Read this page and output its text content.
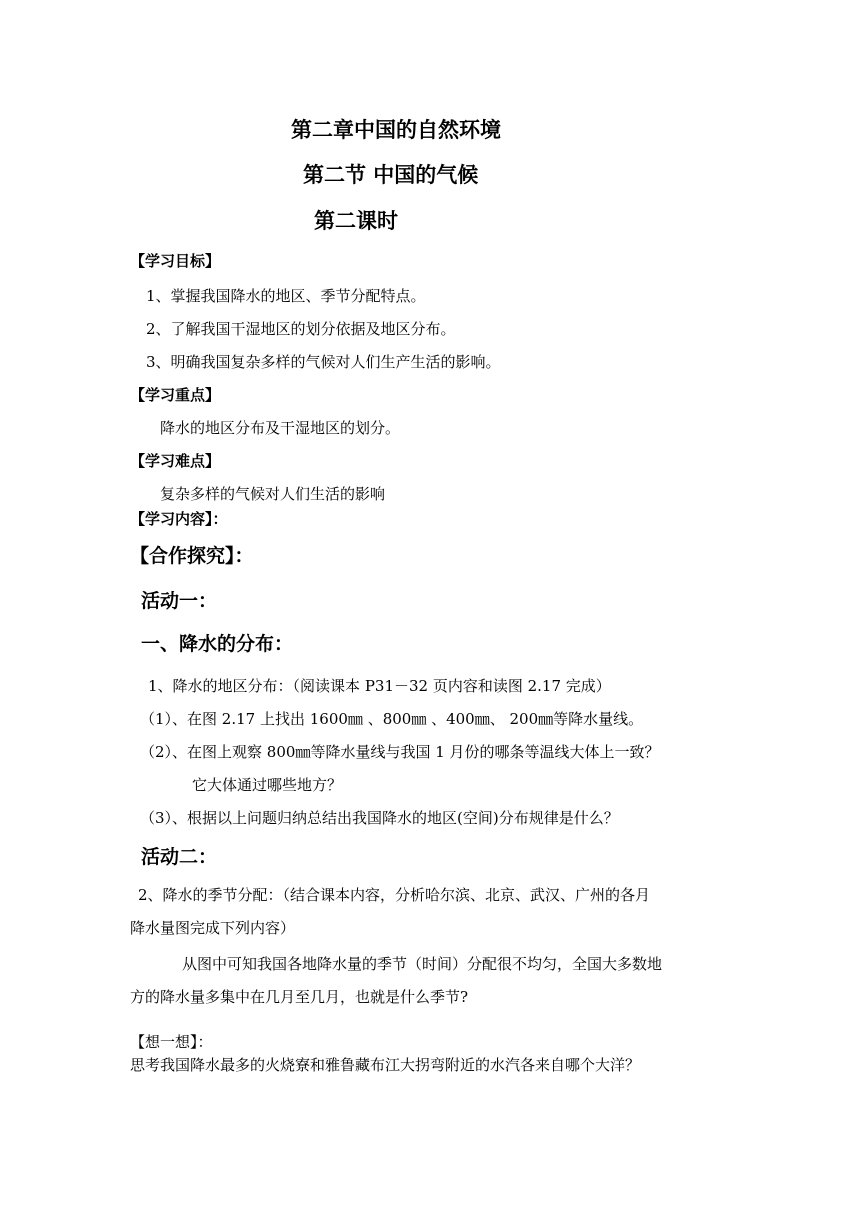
第二章中国的自然环境
第二节 中国的气候
第二课时
【学习目标】
1、掌握我国降水的地区、季节分配特点。
2、了解我国干湿地区的划分依据及地区分布。
3、明确我国复杂多样的气候对人们生产生活的影响。
【学习重点】
降水的地区分布及干湿地区的划分。
【学习难点】
复杂多样的气候对人们生活的影响
【学习内容】：
【合作探究】：
活动一：
一、降水的分布：
1、降水的地区分布：（阅读课本 P31－32 页内容和读图 2.17 完成）
（1）、在图 2.17 上找出 1600㎜ 、800㎜ 、400㎜、 200㎜等降水量线。
（2）、在图上观察 800㎜等降水量线与我国 1 月份的哪条等温线大体上一致？
它大体通过哪些地方？
（3）、根据以上问题归纳总结出我国降水的地区(空间)分布规律是什么？
活动二：
2、降水的季节分配：（结合课本内容，分析哈尔滨、北京、武汉、广州的各月
降水量图完成下列内容）
从图中可知我国各地降水量的季节（时间）分配很不均匀，全国大多数地
方的降水量多集中在几月至几月，也就是什么季节?
【想一想】：
思考我国降水最多的火烧寮和雅鲁藏布江大拐弯附近的水汽各来自哪个大洋？
